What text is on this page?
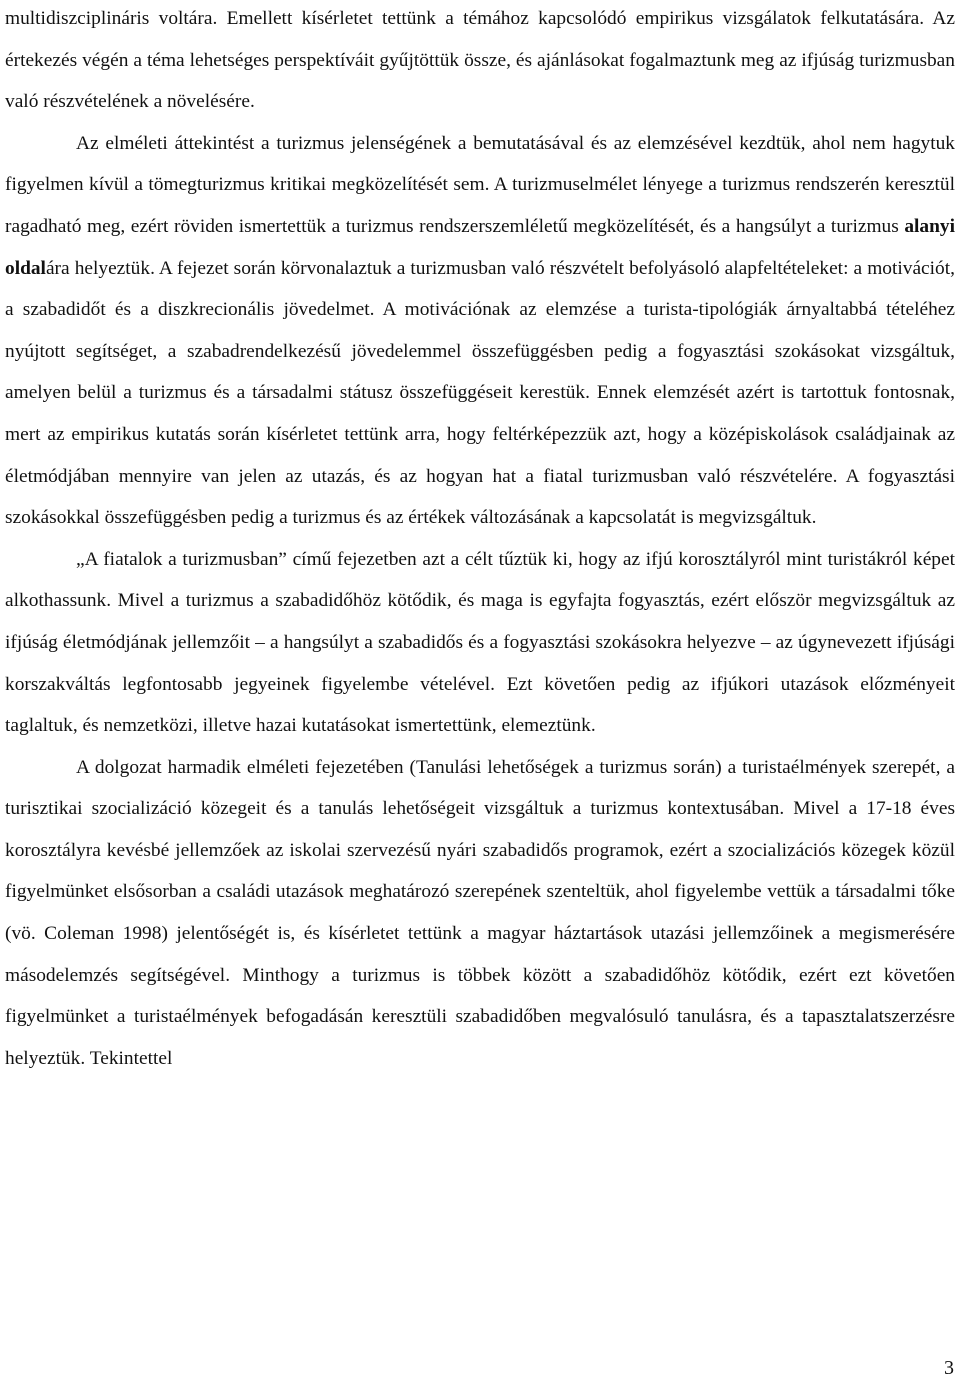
multidiszciplináris voltára. Emellett kísérletet tettünk a témához kapcsolódó empirikus vizsgálatok felkutatására. Az értekezés végén a téma lehetséges perspektíváit gyűjtöttük össze, és ajánlásokat fogalmaztunk meg az ifjúság turizmusban való részvételének a növelésére.

Az elméleti áttekintést a turizmus jelenségének a bemutatásával és az elemzésével kezdtük, ahol nem hagytuk figyelmen kívül a tömegturizmus kritikai megközelítését sem. A turizmuselmélet lényege a turizmus rendszerén keresztül ragadható meg, ezért röviden ismertettük a turizmus rendszerszemléletű megközelítését, és a hangsúlyt a turizmus alanyi oldalára helyeztük. A fejezet során körvonalaztuk a turizmusban való részvételt befolyásoló alapfeltételeket: a motivációt, a szabadidőt és a diszkrecionális jövedelmet. A motivációnak az elemzése a turista-tipológiák árnyaltabbá tételéhez nyújtott segítséget, a szabadrendelkezésű jövedelemmel összefüggésben pedig a fogyasztási szokásokat vizsgáltuk, amelyen belül a turizmus és a társadalmi státusz összefüggéseit kerestük. Ennek elemzését azért is tartottuk fontosnak, mert az empirikus kutatás során kísérletet tettünk arra, hogy feltérképezzük azt, hogy a középiskolások családjainak az életmódjában mennyire van jelen az utazás, és az hogyan hat a fiatal turizmusban való részvételére. A fogyasztási szokásokkal összefüggésben pedig a turizmus és az értékek változásának a kapcsolatát is megvizsgáltuk.

„A fiatalok a turizmusban” című fejezetben azt a célt tűztük ki, hogy az ifjú korosztályról mint turistákról képet alkothassunk. Mivel a turizmus a szabadidőhöz kötődik, és maga is egyfajta fogyasztás, ezért először megvizsgáltuk az ifjúság életmódjának jellemzőit – a hangsúlyt a szabadidős és a fogyasztási szokásokra helyezve – az úgynevezett ifjúsági korszakváltás legfontosabb jegyeinek figyelembe vételével. Ezt követően pedig az ifjúkori utazások előzményeit taglaltuk, és nemzetközi, illetve hazai kutatásokat ismertettünk, elemeztünk.

A dolgozat harmadik elméleti fejezetében (Tanulási lehetőségek a turizmus során) a turistaélmények szerepét, a turisztikai szocializáció közegeit és a tanulás lehetőségeit vizsgáltuk a turizmus kontextusában. Mivel a 17-18 éves korosztályra kevésbé jellemzőek az iskolai szervezésű nyári szabadidős programok, ezért a szocializációs közegek közül figyelmünket elsősorban a családi utazások meghatározó szerepének szenteltük, ahol figyelembe vettük a társadalmi tőke (vö. Coleman 1998) jelentőségét is, és kísérletet tettünk a magyar háztartások utazási jellemzőinek a megismerésére másodelemzés segítségével. Minthogy a turizmus is többek között a szabadidőhöz kötődik, ezért ezt követően figyelmünket a turistaélmények befogadásán keresztüli szabadidőben megvalósuló tanulásra, és a tapasztalatszerzésre helyeztük. Tekintettel

3
